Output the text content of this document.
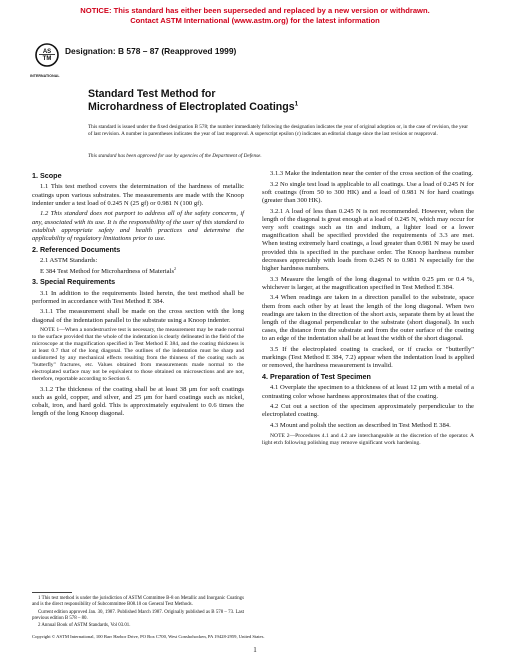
NOTICE: This standard has either been superseded and replaced by a new version or withdrawn.
Contact ASTM International (www.astm.org) for the latest information
AS
TM
INTERNATIONAL
Designation: B 578 – 87 (Reapproved 1999)
Standard Test Method for
Microhardness of Electroplated Coatings$^1$
This standard is issued under the fixed designation B 578; the number immediately following the designation indicates the year of original adoption or, in the case of revision, the year of last revision. A number in parentheses indicates the year of last reapproval. A superscript epsilon (ε) indicates an editorial change since the last revision or reapproval.
This standard has been approved for use by agencies of the Department of Defense.
1. Scope

1.1 This test method covers the determination of the hardness of metallic coatings upon various substrates. The measurements are made with the Knoop indenter under a test load of 0.245 N (25 gf) or 0.981 N (100 gf).

1.2 This standard does not purport to address all of the safety concerns, if any, associated with its use. It is the responsibility of the user of this standard to establish appropriate safety and health practices and determine the applicability of regulatory limitations prior to use.

2. Referenced Documents

2.1 ASTM Standards:

E 384 Test Method for Microhardness of Materials$^2$

3. Special Requirements

3.1 In addition to the requirements listed herein, the test method shall be performed in accordance with Test Method E 384.

3.1.1 The measurement shall be made on the cross section with the long diagonal of the indentation parallel to the substrate using a Knoop indenter.

NOTE 1—When a nondestructive test is necessary, the measurement may be made normal to the surface provided that the whole of the indentation is clearly delineated in the field of the microscope at the magnification specified in Test Method E 384, and the coating thickness is at least 0.7 that of the long diagonal. The outlines of the indentation must be sharp and undistorted by any mechanical effects resulting from the thinness of the coating such as "butterfly" fractures, etc. Values obtained from measurements made normal to the electroplated surface may not be equivalent to those obtained on microsections and are not, therefore, reportable according to Section 6.

3.1.2 The thickness of the coating shall be at least 38 μm for soft coatings such as gold, copper, and silver, and 25 μm for hard coatings such as nickel, cobalt, iron, and hard gold. This is approximately equivalent to 0.6 times the length of the long Knoop diagonal.

1 This test method is under the jurisdiction of ASTM Committee B-8 on Metallic and Inorganic Coatings and is the direct responsibility of Subcommittee B08.10 on General Test Methods.

Current edition approved Jan. 30, 1987. Published March 1987. Originally published as B 578 – 73. Last previous edition B 578 – 80.

2 Annual Book of ASTM Standards, Vol 03.01.

3.1.3 Make the indentation near the center of the cross section of the coating.

3.2 No single test load is applicable to all coatings. Use a load of 0.245 N for soft coatings (from 50 to 300 HK) and a load of 0.981 N for hard coatings (greater than 300 HK).

3.2.1 A load of less than 0.245 N is not recommended. However, when the length of the diagonal is great enough at a load of 0.245 N, which may occur for very soft coatings such as tin and indium, a lighter load or a lower magnification shall be specified provided the requirements of 3.3 are met. When testing extremely hard coatings, a load greater than 0.981 N may be used provided this is specified in the purchase order. The Knoop hardness number decreases appreciably with loads from 0.245 N to 0.981 N especially for the higher hardness numbers.

3.3 Measure the length of the long diagonal to within 0.25 μm or 0.4 %, whichever is larger, at the magnification specified in Test Method E 384.

3.4 When readings are taken in a direction parallel to the substrate, space them from each other by at least the length of the long diagonal. When two readings are taken in the direction of the short axis, separate them by at least the length of the diagonal perpendicular to the substrate (short diagonal). In such cases, the distance from the substrate and from the outer surface of the coating to an edge of the indentation shall be at least the width of the short diagonal.

3.5 If the electroplated coating is cracked, or if cracks or "butterfly" markings (Test Method E 384, 7.2) appear when the indentation load is applied or removed, the hardness measurement is invalid.

4. Preparation of Test Specimen

4.1 Overplate the specimen to a thickness of at least 12 μm with a metal of a contrasting color whose hardness approximates that of the coating.

4.2 Cut out a section of the specimen approximately perpendicular to the electroplated coating.

4.3 Mount and polish the section as described in Test Method E 384.

NOTE 2—Procedures 4.1 and 4.2 are interchangeable at the discretion of the operator. A light etch following polishing may remove significant work hardening.

Copyright © ASTM International, 100 Barr Harbor Drive, PO Box C700, West Conshohocken, PA 19428-2959, United States.
1
